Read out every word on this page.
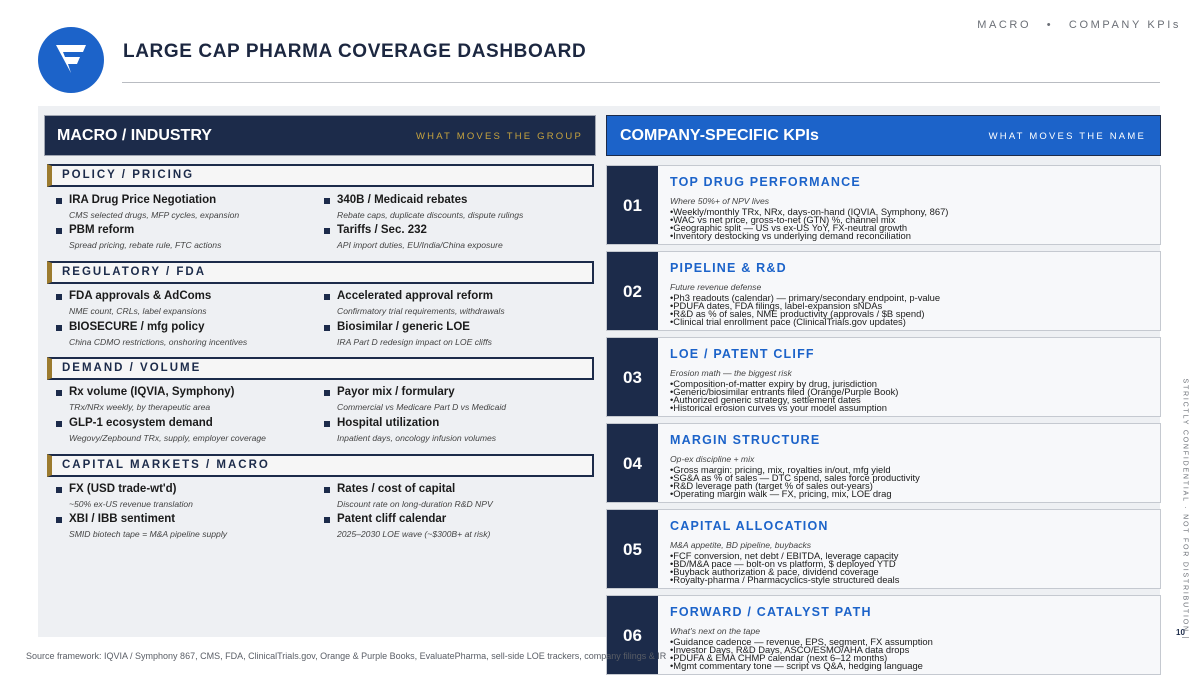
LARGE CAP PHARMA COVERAGE DASHBOARD
MACRO • COMPANY KPIs
MACRO / INDUSTRY	WHAT MOVES THE GROUP
POLICY / PRICING
IRA Drug Price Negotiation
CMS selected drugs, MFP cycles, expansion
340B / Medicaid rebates
Rebate caps, duplicate discounts, dispute rulings
PBM reform
Spread pricing, rebate rule, FTC actions
Tariffs / Sec. 232
API import duties, EU/India/China exposure
REGULATORY / FDA
FDA approvals & AdComs
NME count, CRLs, label expansions
Accelerated approval reform
Confirmatory trial requirements, withdrawals
BIOSECURE / mfg policy
China CDMO restrictions, onshoring incentives
Biosimilar / generic LOE
IRA Part D redesign impact on LOE cliffs
DEMAND / VOLUME
Rx volume (IQVIA, Symphony)
TRx/NRx weekly, by therapeutic area
Payor mix / formulary
Commercial vs Medicare Part D vs Medicaid
GLP-1 ecosystem demand
Wegovy/Zepbound TRx, supply, employer coverage
Hospital utilization
Inpatient days, oncology infusion volumes
CAPITAL MARKETS / MACRO
FX (USD trade-wt'd)
~50% ex-US revenue translation
Rates / cost of capital
Discount rate on long-duration R&D NPV
XBI / IBB sentiment
SMID biotech tape = M&A pipeline supply
Patent cliff calendar
2025–2030 LOE wave (~$300B+ at risk)
COMPANY-SPECIFIC KPIs	WHAT MOVES THE NAME
01
TOP DRUG PERFORMANCE
Where 50%+ of NPV lives
• Weekly/monthly TRx, NRx, days-on-hand (IQVIA, Symphony, 867)
• WAC vs net price, gross-to-net (GTN) %, channel mix
• Geographic split — US vs ex-US YoY, FX-neutral growth
• Inventory destocking vs underlying demand reconciliation
02
PIPELINE & R&D
Future revenue defense
• Ph3 readouts (calendar) — primary/secondary endpoint, p-value
• PDUFA dates, FDA filings, label-expansion sNDAs
• R&D as % of sales, NME productivity (approvals / $B spend)
• Clinical trial enrollment pace (ClinicalTrials.gov updates)
03
LOE / PATENT CLIFF
Erosion math — the biggest risk
• Composition-of-matter expiry by drug, jurisdiction
• Generic/biosimilar entrants filed (Orange/Purple Book)
• Authorized generic strategy, settlement dates
• Historical erosion curves vs your model assumption
04
MARGIN STRUCTURE
Op-ex discipline + mix
• Gross margin: pricing, mix, royalties in/out, mfg yield
• SG&A as % of sales — DTC spend, sales force productivity
• R&D leverage path (target % of sales out-years)
• Operating margin walk — FX, pricing, mix, LOE drag
05
CAPITAL ALLOCATION
M&A appetite, BD pipeline, buybacks
• FCF conversion, net debt / EBITDA, leverage capacity
• BD/M&A pace — bolt-on vs platform, $ deployed YTD
• Buyback authorization & pace, dividend coverage
• Royalty-pharma / Pharmacyclics-style structured deals
06
FORWARD / CATALYST PATH
What's next on the tape
• Guidance cadence — revenue, EPS, segment, FX assumption
• Investor Days, R&D Days, ASCO/ESMO/AHA data drops
• PDUFA & EMA CHMP calendar (next 6–12 months)
• Mgmt commentary tone — script vs Q&A, hedging language
Source framework: IQVIA / Symphony 867, CMS, FDA, ClinicalTrials.gov, Orange & Purple Books, EvaluatePharma, sell-side LOE trackers, company filings & IR
STRICTLY CONFIDENTIAL · NOT FOR DISTRIBUTION |
10
